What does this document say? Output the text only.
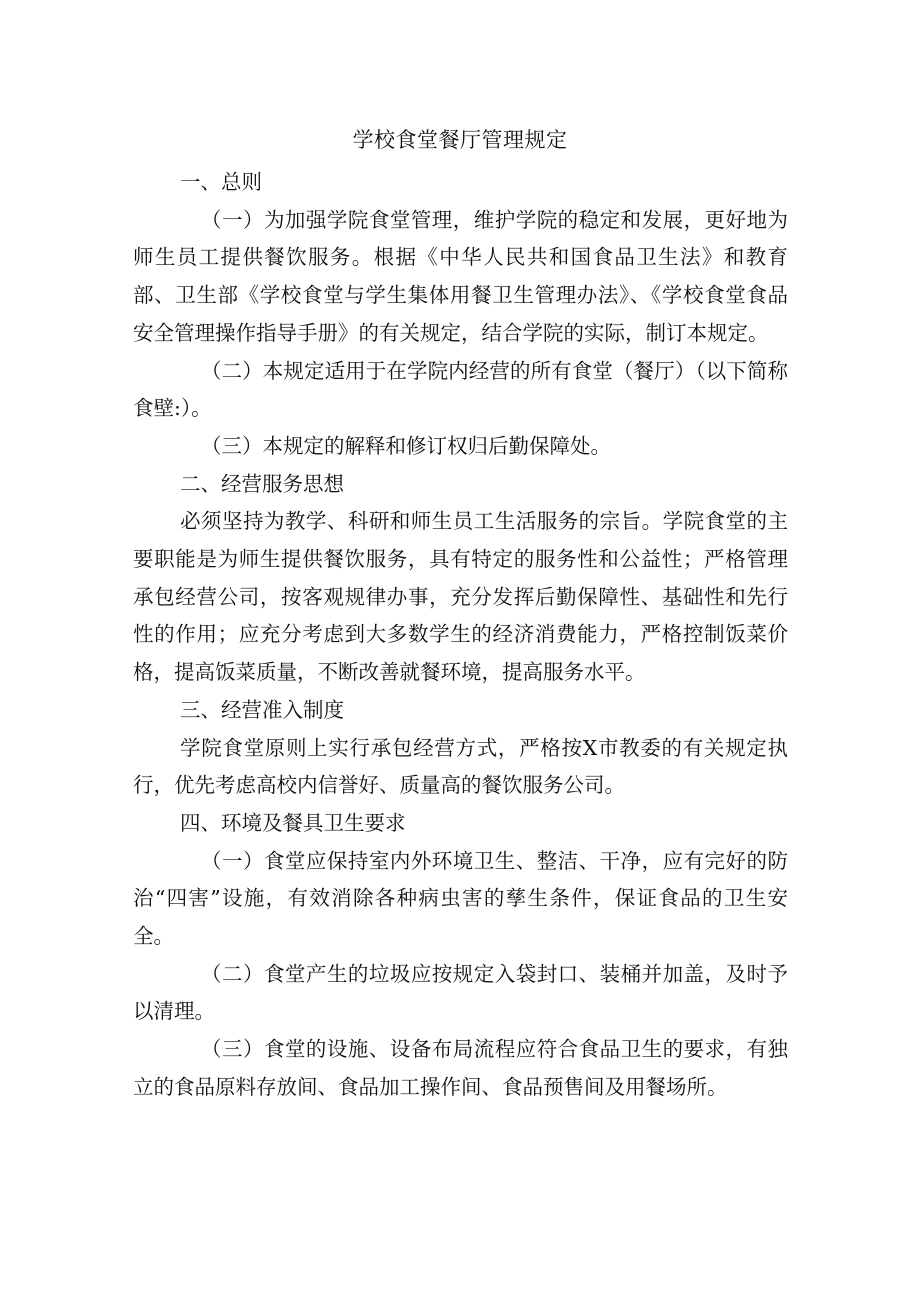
学校食堂餐厅管理规定

一、总则

（一）为加强学院食堂管理，维护学院的稳定和发展，更好地为师生员工提供餐饮服务。根据《中华人民共和国食品卫生法》和教育部、卫生部《学校食堂与学生集体用餐卫生管理办法》、《学校食堂食品安全管理操作指导手册》的有关规定，结合学院的实际，制订本规定。

（二）本规定适用于在学院内经营的所有食堂（餐厅）（以下简称食壁:）。

（三）本规定的解释和修订权归后勤保障处。

二、经营服务思想

必须坚持为教学、科研和师生员工生活服务的宗旨。学院食堂的主要职能是为师生提供餐饮服务，具有特定的服务性和公益性；严格管理承包经营公司，按客观规律办事，充分发挥后勤保障性、基础性和先行性的作用；应充分考虑到大多数学生的经济消费能力，严格控制饭菜价格，提高饭菜质量，不断改善就餐环境，提高服务水平。

三、经营准入制度

学院食堂原则上实行承包经营方式，严格按X市教委的有关规定执行，优先考虑高校内信誉好、质量高的餐饮服务公司。

四、环境及餐具卫生要求

（一）食堂应保持室内外环境卫生、整洁、干净，应有完好的防治“四害”设施，有效消除各种病虫害的孳生条件，保证食品的卫生安全。

（二）食堂产生的垃圾应按规定入袋封口、装桶并加盖，及时予以清理。

（三）食堂的设施、设备布局流程应符合食品卫生的要求，有独立的食品原料存放间、食品加工操作间、食品预售间及用餐场所。
